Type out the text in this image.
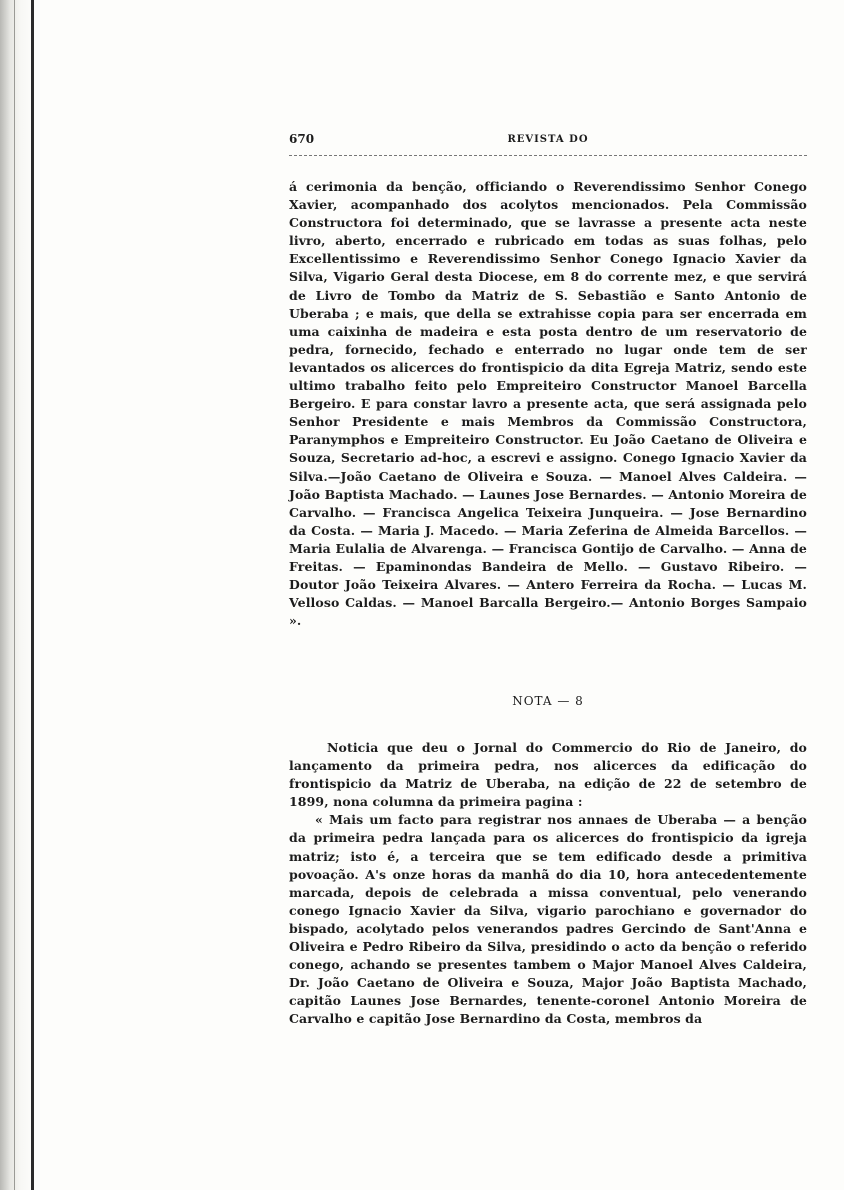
670	REVISTA DO

á cerimonia da benção, officiando o Reverendissimo Senhor Conego Xavier, acompanhado dos acolytos mencionados. Pela Commissão Constructora foi determinado, que se lavrasse a presente acta neste livro, aberto, encerrado e rubricado em todas as suas folhas, pelo Excellentissimo e Reverendissimo Senhor Conego Ignacio Xavier da Silva, Vigario Geral desta Diocese, em 8 do corrente mez, e que servirá de Livro de Tombo da Matriz de S. Sebastião e Santo Antonio de Uberaba ; e mais, que della se extrahisse copia para ser encerrada em uma caixinha de madeira e esta posta dentro de um reservatorio de pedra, fornecido, fechado e enterrado no lugar onde tem de ser levantados os alicerces do frontispicio da dita Egreja Matriz, sendo este ultimo trabalho feito pelo Empreiteiro Constructor Manoel Barcella Bergeiro. E para constar lavro a presente acta, que será assignada pelo Senhor Presidente e mais Membros da Commissão Constructora, Paranymphos e Empreiteiro Constructor. Eu João Caetano de Oliveira e Souza, Secretario ad-hoc, a escrevi e assigno. Conego Ignacio Xavier da Silva.—João Caetano de Oliveira e Souza. — Manoel Alves Caldeira. — João Baptista Machado. — Launes Jose Bernardes. — Antonio Moreira de Carvalho. — Francisca Angelica Teixeira Junqueira. — Jose Bernardino da Costa. — Maria J. Macedo. — Maria Zeferina de Almeida Barcellos. — Maria Eulalia de Alvarenga. — Francisca Gontijo de Carvalho. — Anna de Freitas. — Epaminondas Bandeira de Mello. — Gustavo Ribeiro. — Doutor João Teixeira Alvares. — Antero Ferreira da Rocha. — Lucas M. Velloso Caldas. — Manoel Barcalla Bergeiro.— Antonio Borges Sampaio ».

NOTA — 8

Noticia que deu o Jornal do Commercio do Rio de Janeiro, do lançamento da primeira pedra, nos alicerces da edificação do frontispicio da Matriz de Uberaba, na edição de 22 de setembro de 1899, nona columna da primeira pagina :

« Mais um facto para registrar nos annaes de Uberaba — a benção da primeira pedra lançada para os alicerces do frontispicio da igreja matriz; isto é, a terceira que se tem edificado desde a primitiva povoação. A's onze horas da manhã do dia 10, hora antecedentemente marcada, depois de celebrada a missa conventual, pelo venerando conego Ignacio Xavier da Silva, vigario parochiano e governador do bispado, acolytado pelos venerandos padres Gercindo de Sant'Anna e Oliveira e Pedro Ribeiro da Silva, presidindo o acto da benção o referido conego, achando se presentes tambem o Major Manoel Alves Caldeira, Dr. João Caetano de Oliveira e Souza, Major João Baptista Machado, capitão Launes Jose Bernardes, tenente-coronel Antonio Moreira de Carvalho e capitão Jose Bernardino da Costa, membros da
